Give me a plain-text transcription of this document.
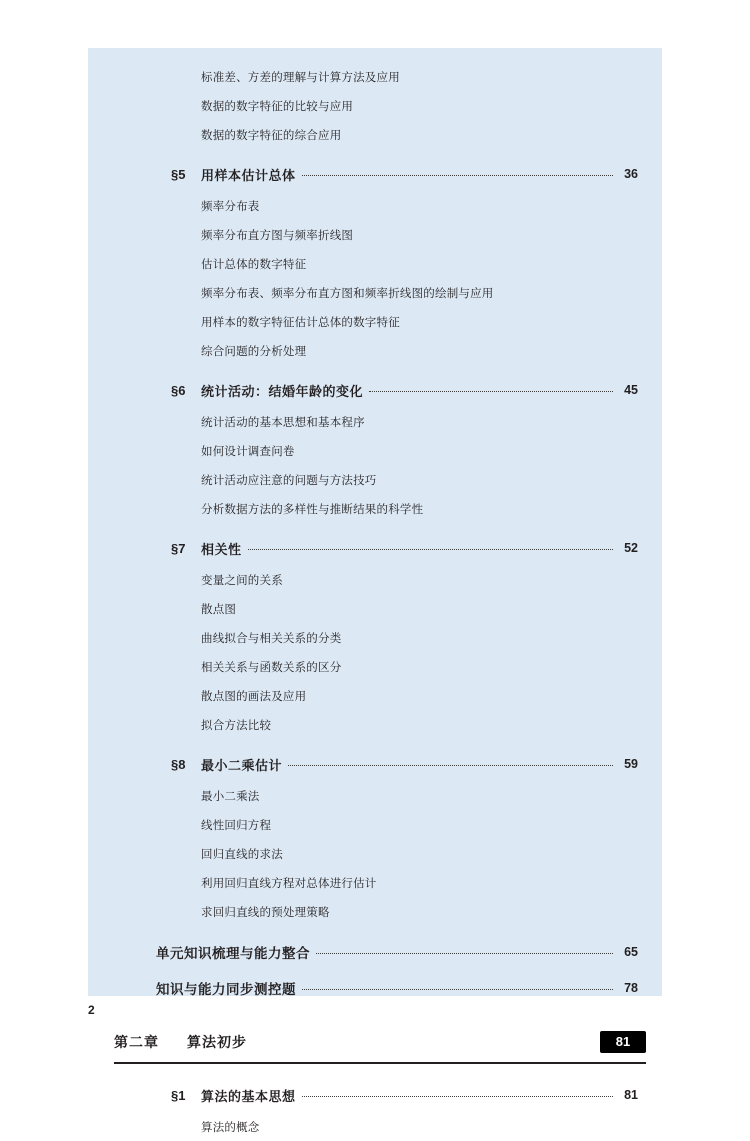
标准差、方差的理解与计算方法及应用
数据的数字特征的比较与应用
数据的数字特征的综合应用
§5	用样本估计总体	36
频率分布表
频率分布直方图与频率折线图
估计总体的数字特征
频率分布表、频率分布直方图和频率折线图的绘制与应用
用样本的数字特征估计总体的数字特征
综合问题的分析处理
§6	统计活动：结婚年龄的变化	45
统计活动的基本思想和基本程序
如何设计调查问卷
统计活动应注意的问题与方法技巧
分析数据方法的多样性与推断结果的科学性
§7	相关性	52
变量之间的关系
散点图
曲线拟合与相关关系的分类
相关关系与函数关系的区分
散点图的画法及应用
拟合方法比较
§8	最小二乘估计	59
最小二乘法
线性回归方程
回归直线的求法
利用回归直线方程对总体进行估计
求回归直线的预处理策略
单元知识梳理与能力整合	65
知识与能力同步测控题	78
第二章 算法初步	81
§1	算法的基本思想	81
算法的概念
2
